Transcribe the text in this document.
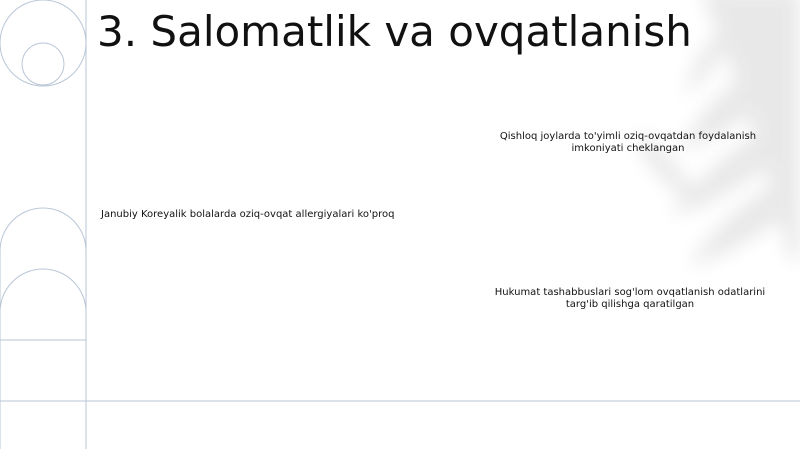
3. Salomatlik va ovqatlanish
Janubiy Koreyalik bolalarda oziq-ovqat allergiyalari ko'proq
Qishloq joylarda to'yimli oziq-ovqatdan foydalanish imkoniyati cheklangan
Hukumat tashabbuslari sog'lom ovqatlanish odatlarini targ'ib qilishga qaratilgan
